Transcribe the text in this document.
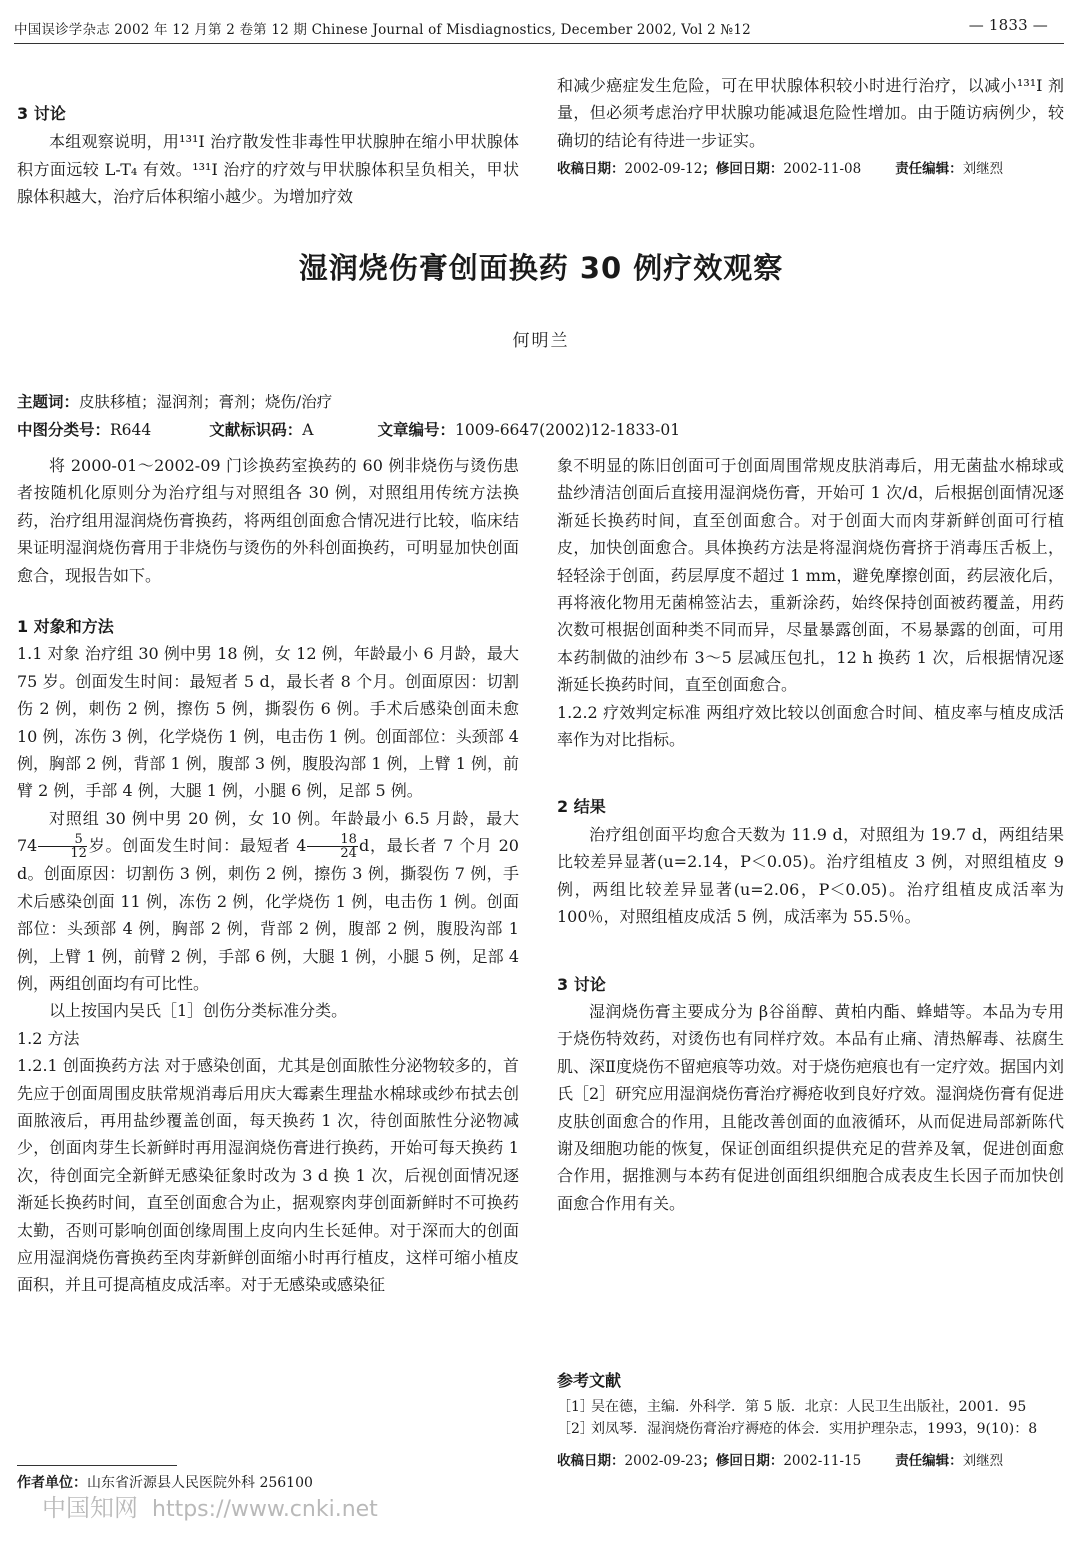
中国误诊学杂志 2002 年 12 月第 2 卷第 12 期 Chinese Journal of Misdiagnostics, December 2002, Vol 2 №12	— 1833 —

3 讨论

本组观察说明，用¹³¹I 治疗散发性非毒性甲状腺肿在缩小甲状腺体积方面远较 L-T₄ 有效。¹³¹I 治疗的疗效与甲状腺体积呈负相关，甲状腺体积越大，治疗后体积缩小越少。为增加疗效

和减少癌症发生危险，可在甲状腺体积较小时进行治疗，以减小¹³¹I 剂量，但必须考虑治疗甲状腺功能减退危险性增加。由于随访病例少，较确切的结论有待进一步证实。

收稿日期：2002-09-12；修回日期：2002-11-08	责任编辑：刘继烈

湿润烧伤膏创面换药 30 例疗效观察
何明兰
主题词：皮肤移植；湿润剂；膏剂；烧伤/治疗
中图分类号：R644	文献标识码：A	文章编号：1009-6647(2002)12-1833-01

将 2000-01～2002-09 门诊换药室换药的 60 例非烧伤与烫伤患者按随机化原则分为治疗组与对照组各 30 例，对照组用传统方法换药，治疗组用湿润烧伤膏换药，将两组创面愈合情况进行比较，临床结果证明湿润烧伤膏用于非烧伤与烫伤的外科创面换药，可明显加快创面愈合，现报告如下。

1 对象和方法

1.1 对象 治疗组 30 例中男 18 例，女 12 例，年龄最小 6 月龄，最大 75 岁。创面发生时间：最短者 5 d，最长者 8 个月。创面原因：切割伤 2 例，刺伤 2 例，擦伤 5 例，撕裂伤 6 例。手术后感染创面未愈 10 例，冻伤 3 例，化学烧伤 1 例，电击伤 1 例。创面部位：头颈部 4 例，胸部 2 例，背部 1 例，腹部 3 例，腹股沟部 1 例，上臂 1 例，前臂 2 例，手部 4 例，大腿 1 例，小腿 6 例，足部 5 例。

对照组 30 例中男 20 例，女 10 例。年龄最小 6.5 月龄，最大 $74 \frac{5}{12}$ 岁。创面发生时间：最短者 $4 \frac{18}{24}$ d，最长者 7 个月 20 d。创面原因：切割伤 3 例，刺伤 2 例，擦伤 3 例，撕裂伤 7 例，手术后感染创面 11 例，冻伤 2 例，化学烧伤 1 例，电击伤 1 例。创面部位：头颈部 4 例，胸部 2 例，背部 2 例，腹部 2 例，腹股沟部 1 例，上臂 1 例，前臂 2 例，手部 6 例，大腿 1 例，小腿 5 例，足部 4 例，两组创面均有可比性。

以上按国内吴氏［1］创伤分类标准分类。

1.2 方法

1.2.1 创面换药方法 对于感染创面，尤其是创面脓性分泌物较多的，首先应于创面周围皮肤常规消毒后用庆大霉素生理盐水棉球或纱布拭去创面脓液后，再用盐纱覆盖创面，每天换药 1 次，待创面脓性分泌物减少，创面肉芽生长新鲜时再用湿润烧伤膏进行换药，开始可每天换药 1 次，待创面完全新鲜无感染征象时改为 3 d 换 1 次，后视创面情况逐渐延长换药时间，直至创面愈合为止，据观察肉芽创面新鲜时不可换药太勤，否则可影响创面创缘周围上皮向内生长延伸。对于深而大的创面应用湿润烧伤膏换药至肉芽新鲜创面缩小时再行植皮，这样可缩小植皮面积，并且可提高植皮成活率。对于无感染或感染征

象不明显的陈旧创面可于创面周围常规皮肤消毒后，用无菌盐水棉球或盐纱清洁创面后直接用湿润烧伤膏，开始可 1 次/d，后根据创面情况逐渐延长换药时间，直至创面愈合。对于创面大而肉芽新鲜创面可行植皮，加快创面愈合。具体换药方法是将湿润烧伤膏挤于消毒压舌板上，轻轻涂于创面，药层厚度不超过 1 mm，避免摩擦创面，药层液化后，再将液化物用无菌棉签沾去，重新涂药，始终保持创面被药覆盖，用药次数可根据创面种类不同而异，尽量暴露创面，不易暴露的创面，可用本药制做的油纱布 3～5 层减压包扎，12 h 换药 1 次，后根据情况逐渐延长换药时间，直至创面愈合。

1.2.2 疗效判定标准 两组疗效比较以创面愈合时间、植皮率与植皮成活率作为对比指标。

2 结果

治疗组创面平均愈合天数为 11.9 d，对照组为 19.7 d，两组结果比较差异显著(u=2.14，P＜0.05)。治疗组植皮 3 例，对照组植皮 9 例，两组比较差异显著(u=2.06，P＜0.05)。治疗组植皮成活率为 100％，对照组植皮成活 5 例，成活率为 55.5％。

3 讨论

湿润烧伤膏主要成分为 β谷甾醇、黄柏内酯、蜂蜡等。本品为专用于烧伤特效药，对烫伤也有同样疗效。本品有止痛、清热解毒、祛腐生肌、深Ⅱ度烧伤不留疤痕等功效。对于烧伤疤痕也有一定疗效。据国内刘氏［2］研究应用湿润烧伤膏治疗褥疮收到良好疗效。湿润烧伤膏有促进皮肤创面愈合的作用，且能改善创面的血液循环，从而促进局部新陈代谢及细胞功能的恢复，保证创面组织提供充足的营养及氧，促进创面愈合作用，据推测与本药有促进创面组织细胞合成表皮生长因子而加快创面愈合作用有关。

参考文献
［1］
吴在德，主编．外科学．第 5 版．北京：人民卫生出版社，2001．95
［2］
刘凤琴．湿润烧伤膏治疗褥疮的体会．实用护理杂志，1993，9(10)：8
收稿日期：2002-09-23；修回日期：2002-11-15	责任编辑：刘继烈
作者单位：山东省沂源县人民医院外科 256100
中国知网 https://www.cnki.net
